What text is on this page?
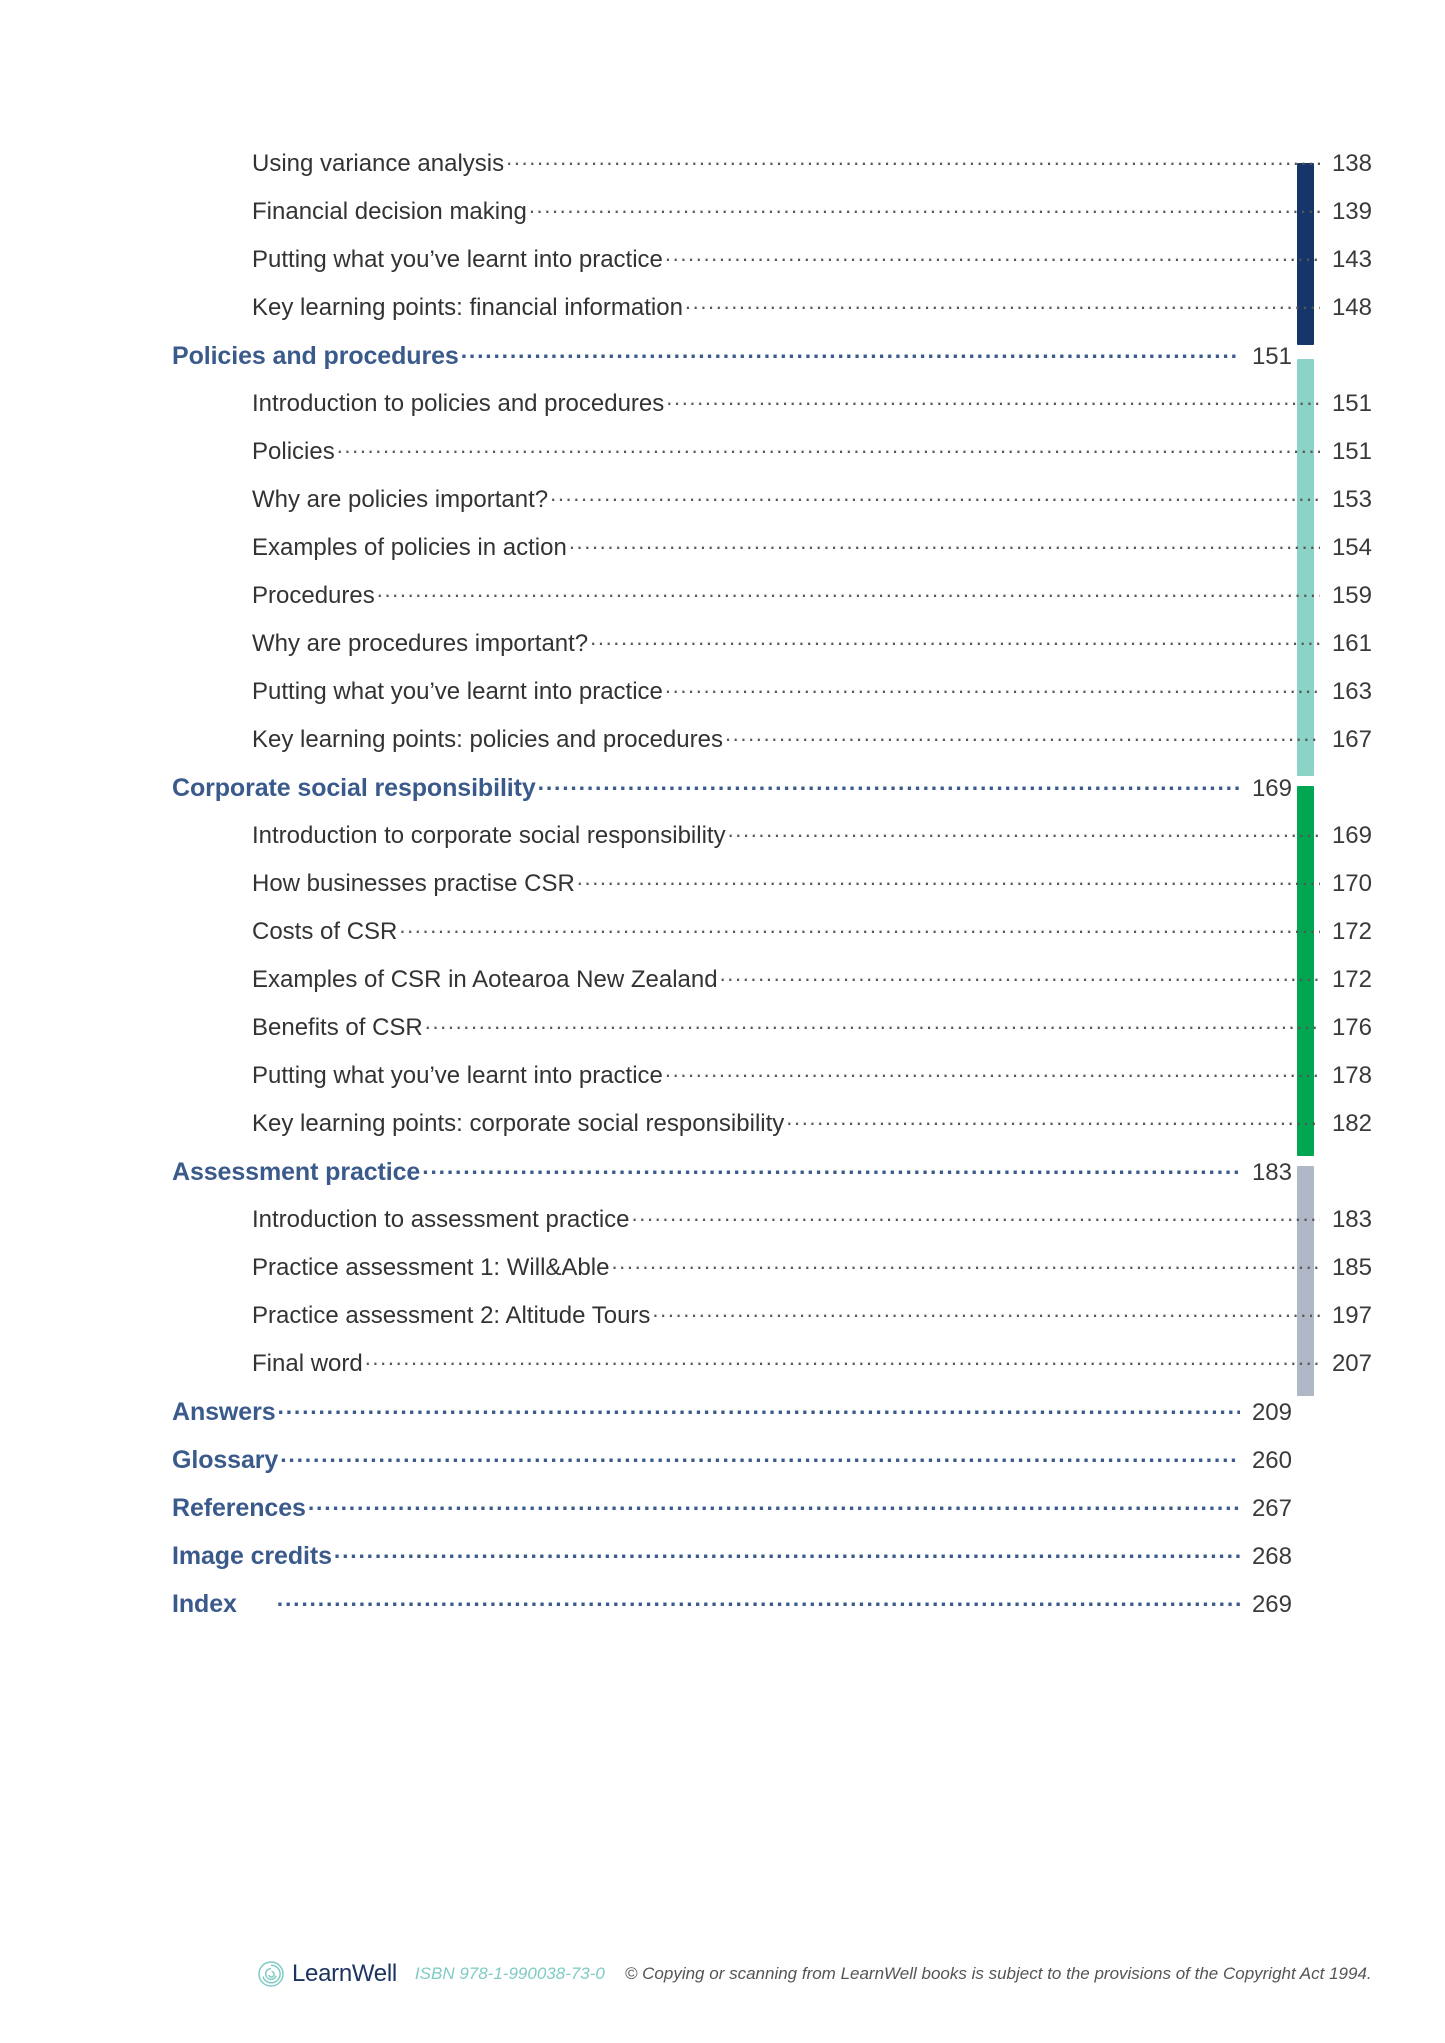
Using variance analysis .....	138
Financial decision making .....	139
Putting what you’ve learnt into practice .....	143
Key learning points: financial information .....	148
Policies and procedures .....	151
Introduction to policies and procedures .....	151
Policies .....	151
Why are policies important? .....	153
Examples of policies in action .....	154
Procedures .....	159
Why are procedures important? .....	161
Putting what you’ve learnt into practice .....	163
Key learning points: policies and procedures .....	167
Corporate social responsibility .....	169
Introduction to corporate social responsibility .....	169
How businesses practise CSR .....	170
Costs of CSR .....	172
Examples of CSR in Aotearoa New Zealand .....	172
Benefits of CSR .....	176
Putting what you’ve learnt into practice .....	178
Key learning points: corporate social responsibility .....	182
Assessment practice .....	183
Introduction to assessment practice .....	183
Practice assessment 1: Will&Able .....	185
Practice assessment 2: Altitude Tours .....	197
Final word .....	207
Answers .....	209
Glossary .....	260
References .....	267
Image credits .....	268
Index .....	269
LearnWell ISBN 978-1-990038-73-0 © Copying or scanning from LearnWell books is subject to the provisions of the Copyright Act 1994.
